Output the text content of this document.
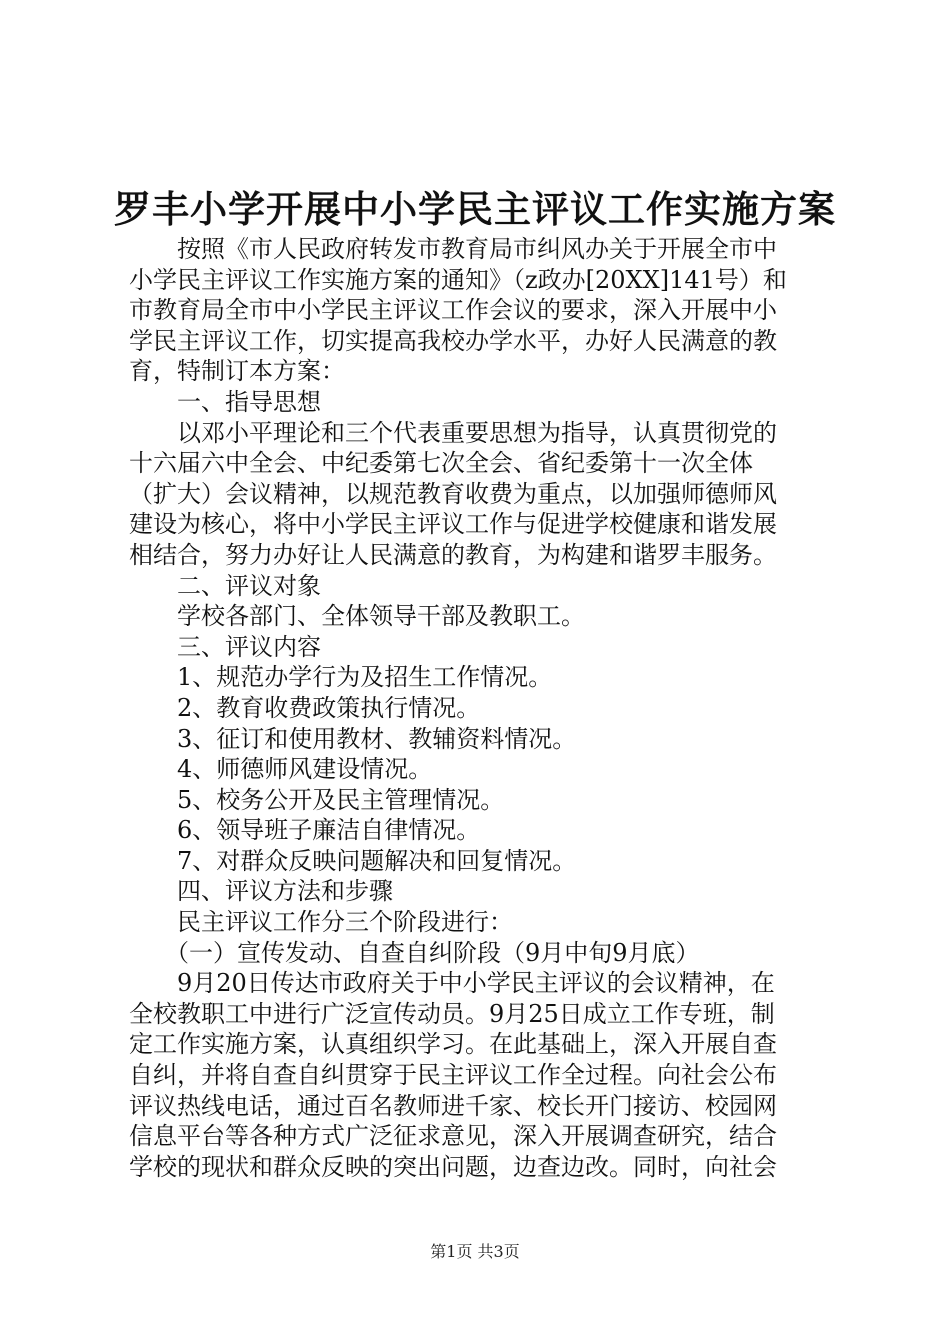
罗丰小学开展中小学民主评议工作实施方案

　　按照《市人民政府转发市教育局市纠风办关于开展全市中

小学民主评议工作实施方案的通知》（z政办[20XX]141号）和

市教育局全市中小学民主评议工作会议的要求，深入开展中小

学民主评议工作，切实提高我校办学水平，办好人民满意的教

育，特制订本方案：

　　一、指导思想

　　以邓小平理论和三个代表重要思想为指导，认真贯彻党的

十六届六中全会、中纪委第七次全会、省纪委第十一次全体

（扩大）会议精神，以规范教育收费为重点，以加强师德师风

建设为核心，将中小学民主评议工作与促进学校健康和谐发展

相结合，努力办好让人民满意的教育，为构建和谐罗丰服务。

　　二、评议对象

　　学校各部门、全体领导干部及教职工。

　　三、评议内容

　　1、规范办学行为及招生工作情况。

　　2、教育收费政策执行情况。

　　3、征订和使用教材、教辅资料情况。

　　4、师德师风建设情况。

　　5、校务公开及民主管理情况。

　　6、领导班子廉洁自律情况。

　　7、对群众反映问题解决和回复情况。

　　四、评议方法和步骤

　　民主评议工作分三个阶段进行：

　　（一）宣传发动、自查自纠阶段（9月中旬9月底）

　　9月20日传达市政府关于中小学民主评议的会议精神，在

全校教职工中进行广泛宣传动员。9月25日成立工作专班，制

定工作实施方案，认真组织学习。在此基础上，深入开展自查

自纠，并将自查自纠贯穿于民主评议工作全过程。向社会公布

评议热线电话，通过百名教师进千家、校长开门接访、校园网

信息平台等各种方式广泛征求意见，深入开展调查研究，结合

学校的现状和群众反映的突出问题，边查边改。同时，向社会

第1页 共3页
